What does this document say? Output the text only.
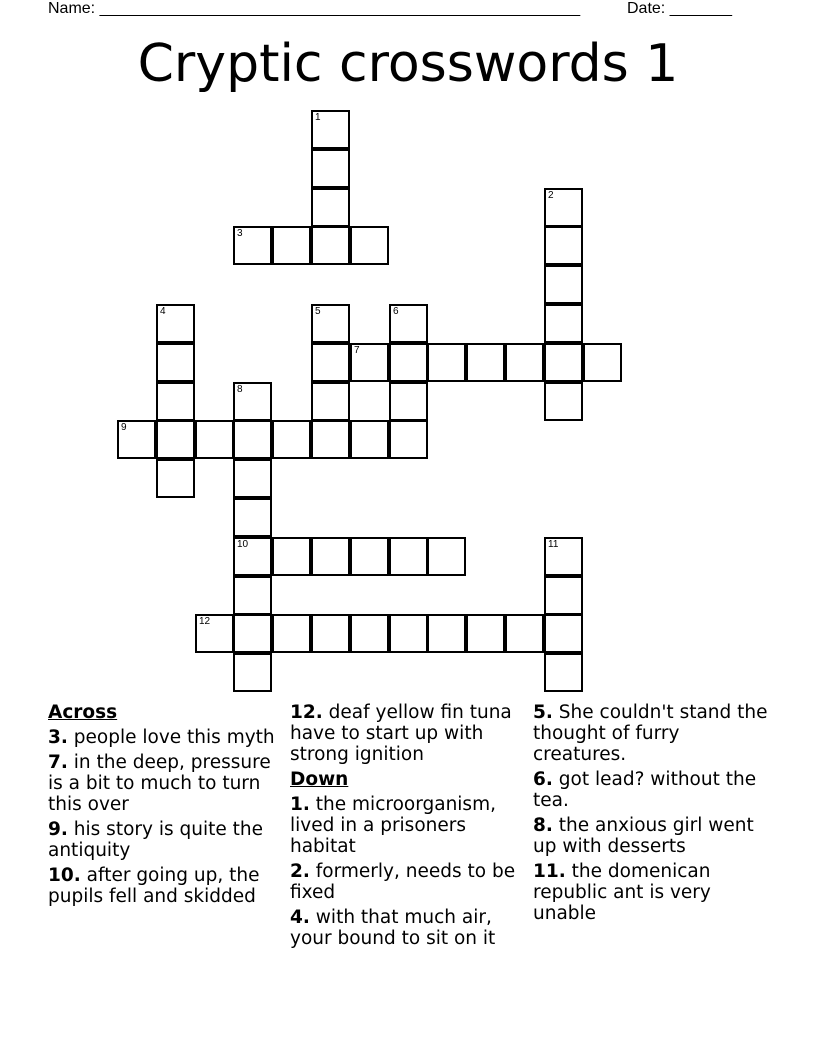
Name: ______________________________________________________	Date: _______
Cryptic crosswords 1
1
2
3
4	5	6
7
8
10
9
11
12
Across
3. people love this myth
7. in the deep, pressure is a bit to much to turn this over
9. his story is quite the antiquity
10. after going up, the pupils fell and skidded
12. deaf yellow fin tuna have to start up with strong ignition
Down
1. the microorganism, lived in a prisoners habitat
2. formerly, needs to be fixed
4. with that much air, your bound to sit on it
5. She couldn't stand the thought of furry creatures.
6. got lead? without the tea.
8. the anxious girl went up with desserts
11. the domenican republic ant is very unable
